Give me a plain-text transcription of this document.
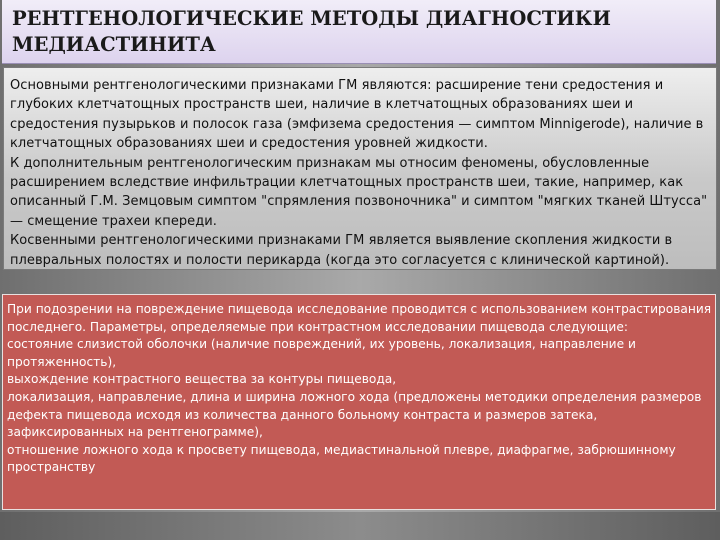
РЕНТГЕНОЛОГИЧЕСКИЕ МЕТОДЫ ДИАГНОСТИКИ
МЕДИАСТИНИТА

Основными рентгенологическими признаками ГМ являются: расширение тени средостения и глубоких клетчатощных пространств шеи, наличие в клетчатощных образованиях шеи и средостения пузырьков и полосок газа (эмфизема средостения — симптом Minnigerode), наличие в клетчатощных образованиях шеи и средостения уровней жидкости.

К дополнительным рентгенологическим признакам мы относим феномены, обусловленные расширением вследствие инфильтрации клетчатощных пространств шеи, такие, например, как описанный Г.М. Земцовым симптом "спрямления позвоночника" и симптом "мягких тканей Штусса" — смещение трахеи кпереди.

Косвенными рентгенологическими признаками ГМ является выявление скопления жидкости в плевральных полостях и полости перикарда (когда это согласуется с клинической картиной).

При подозрении на повреждение пищевода исследование проводится с использованием контрастирования последнего. Параметры, определяемые при контрастном исследовании пищевода следующие:

состояние слизистой оболочки (наличие повреждений, их уровень, локализация, направление и протяженность),

выхождение контрастного вещества за контуры пищевода,

локализация, направление, длина и ширина ложного хода (предложены методики определения размеров дефекта пищевода исходя из количества данного больному контраста и размеров затека, зафиксированных на рентгенограмме),

отношение ложного хода к просвету пищевода, медиастинальной плевре, диафрагме, забрюшинному пространству
